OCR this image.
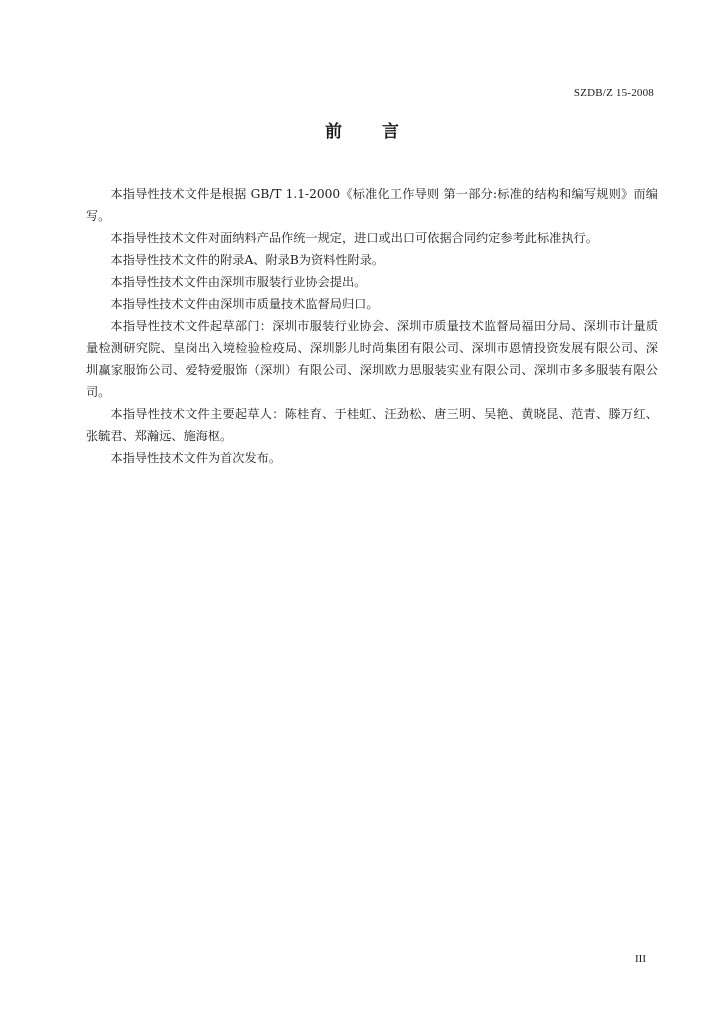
SZDB/Z 15-2008
前 言

本指导性技术文件是根据 GB/T 1.1-2000《标准化工作导则 第一部分:标准的结构和编写规则》而编写。

本指导性技术文件对面纳料产品作统一规定，进口或出口可依据合同约定参考此标准执行。

本指导性技术文件的附录A、附录B为资料性附录。

本指导性技术文件由深圳市服装行业协会提出。

本指导性技术文件由深圳市质量技术监督局归口。

本指导性技术文件起草部门：深圳市服装行业协会、深圳市质量技术监督局福田分局、深圳市计量质量检测研究院、皇岗出入境检验检疫局、深圳影儿时尚集团有限公司、深圳市恩情投资发展有限公司、深圳赢家服饰公司、爱特爱服饰（深圳）有限公司、深圳欧力思服装实业有限公司、深圳市多多服装有限公司。

本指导性技术文件主要起草人：陈桂育、于桂虹、汪劲松、唐三明、吴艳、黄晓昆、范青、滕万红、张毓君、郑瀚远、施海枢。

本指导性技术文件为首次发布。

III
